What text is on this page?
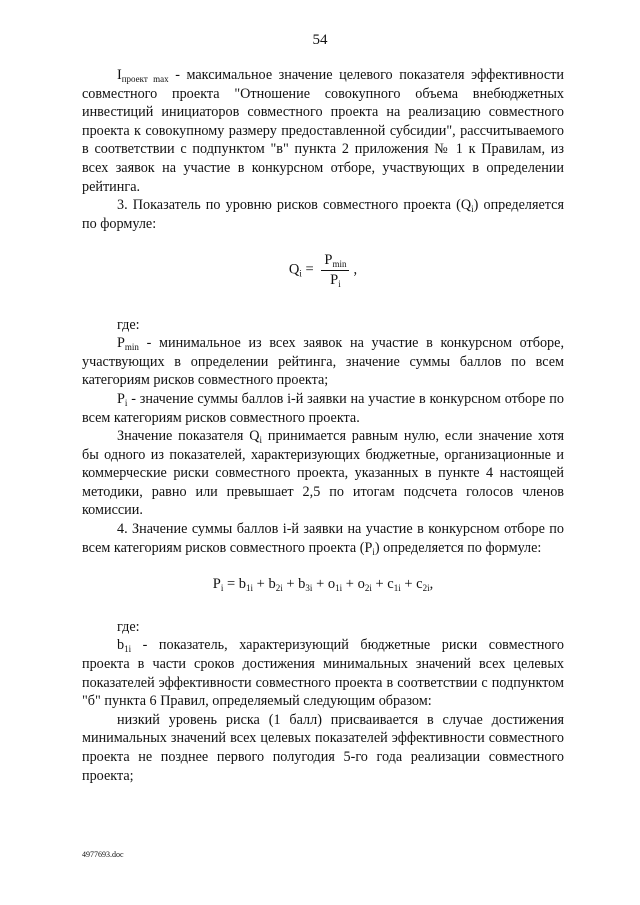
54

$I_{проект max}$ - максимальное значение целевого показателя эффективности совместного проекта "Отношение совокупного объема внебюджетных инвестиций инициаторов совместного проекта на реализацию совместного проекта к совокупному размеру предоставленной субсидии", рассчитываемого в соответствии с подпунктом "в" пункта 2 приложения № 1 к Правилам, из всех заявок на участие в конкурсном отборе, участвующих в определении рейтинга.

3. Показатель по уровню рисков совместного проекта $(Q_i)$ определяется по формуле:

$Q_i = \frac{P_{min}}{P_i}$ ,

где:

$P_{min}$ - минимальное из всех заявок на участие в конкурсном отборе, участвующих в определении рейтинга, значение суммы баллов по всем категориям рисков совместного проекта;

$P_i$ - значение суммы баллов i-й заявки на участие в конкурсном отборе по всем категориям рисков совместного проекта.

Значение показателя $Q_i$ принимается равным нулю, если значение хотя бы одного из показателей, характеризующих бюджетные, организационные и коммерческие риски совместного проекта, указанных в пункте 4 настоящей методики, равно или превышает 2,5 по итогам подсчета голосов членов комиссии.

4. Значение суммы баллов i-й заявки на участие в конкурсном отборе по всем категориям рисков совместного проекта $(P_i)$ определяется по формуле:

$P_i = b_{1i} + b_{2i} + b_{3i} + o_{1i} + o_{2i} + c_{1i} + c_{2i}$,

где:

$b_{1i}$ - показатель, характеризующий бюджетные риски совместного проекта в части сроков достижения минимальных значений всех целевых показателей эффективности совместного проекта в соответствии с подпунктом "б" пункта 6 Правил, определяемый следующим образом:

низкий уровень риска (1 балл) присваивается в случае достижения минимальных значений всех целевых показателей эффективности совместного проекта не позднее первого полугодия 5-го года реализации совместного проекта;

4977693.doc
